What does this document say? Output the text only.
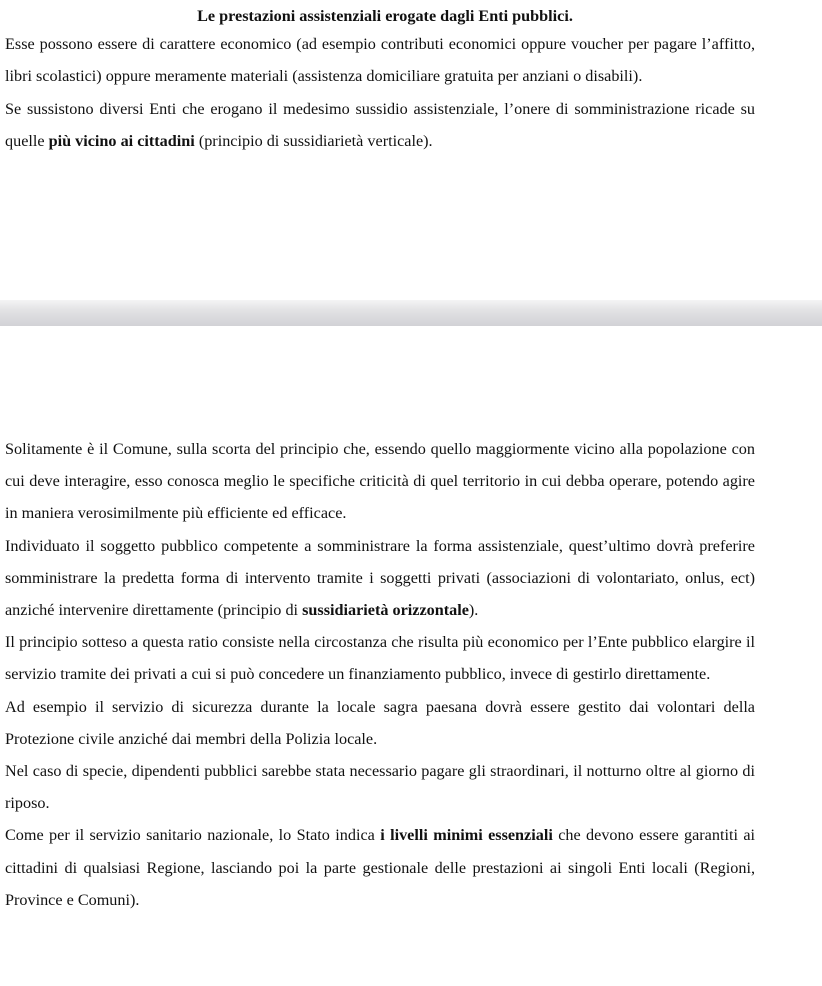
Le prestazioni assistenziali erogate dagli Enti pubblici.

Esse possono essere di carattere economico (ad esempio contributi economici oppure voucher per pagare l’affitto, libri scolastici) oppure meramente materiali (assistenza domiciliare gratuita per anziani o disabili).

Se sussistono diversi Enti che erogano il medesimo sussidio assistenziale, l’onere di somministrazione ricade su quelle più vicino ai cittadini (principio di sussidiarietà verticale).

Solitamente è il Comune, sulla scorta del principio che, essendo quello maggiormente vicino alla popolazione con cui deve interagire, esso conosca meglio le specifiche criticità di quel territorio in cui debba operare, potendo agire in maniera verosimilmente più efficiente ed efficace.

Individuato il soggetto pubblico competente a somministrare la forma assistenziale, quest’ultimo dovrà preferire somministrare la predetta forma di intervento tramite i soggetti privati (associazioni di volontariato, onlus, ect) anziché intervenire direttamente (principio di sussidiarietà orizzontale).

Il principio sotteso a questa ratio consiste nella circostanza che risulta più economico per l’Ente pubblico elargire il servizio tramite dei privati a cui si può concedere un finanziamento pubblico, invece di gestirlo direttamente.

Ad esempio il servizio di sicurezza durante la locale sagra paesana dovrà essere gestito dai volontari della Protezione civile anziché dai membri della Polizia locale.

Nel caso di specie, dipendenti pubblici sarebbe stata necessario pagare gli straordinari, il notturno oltre al giorno di riposo.

Come per il servizio sanitario nazionale, lo Stato indica i livelli minimi essenziali che devono essere garantiti ai cittadini di qualsiasi Regione, lasciando poi la parte gestionale delle prestazioni ai singoli Enti locali (Regioni, Province e Comuni).
